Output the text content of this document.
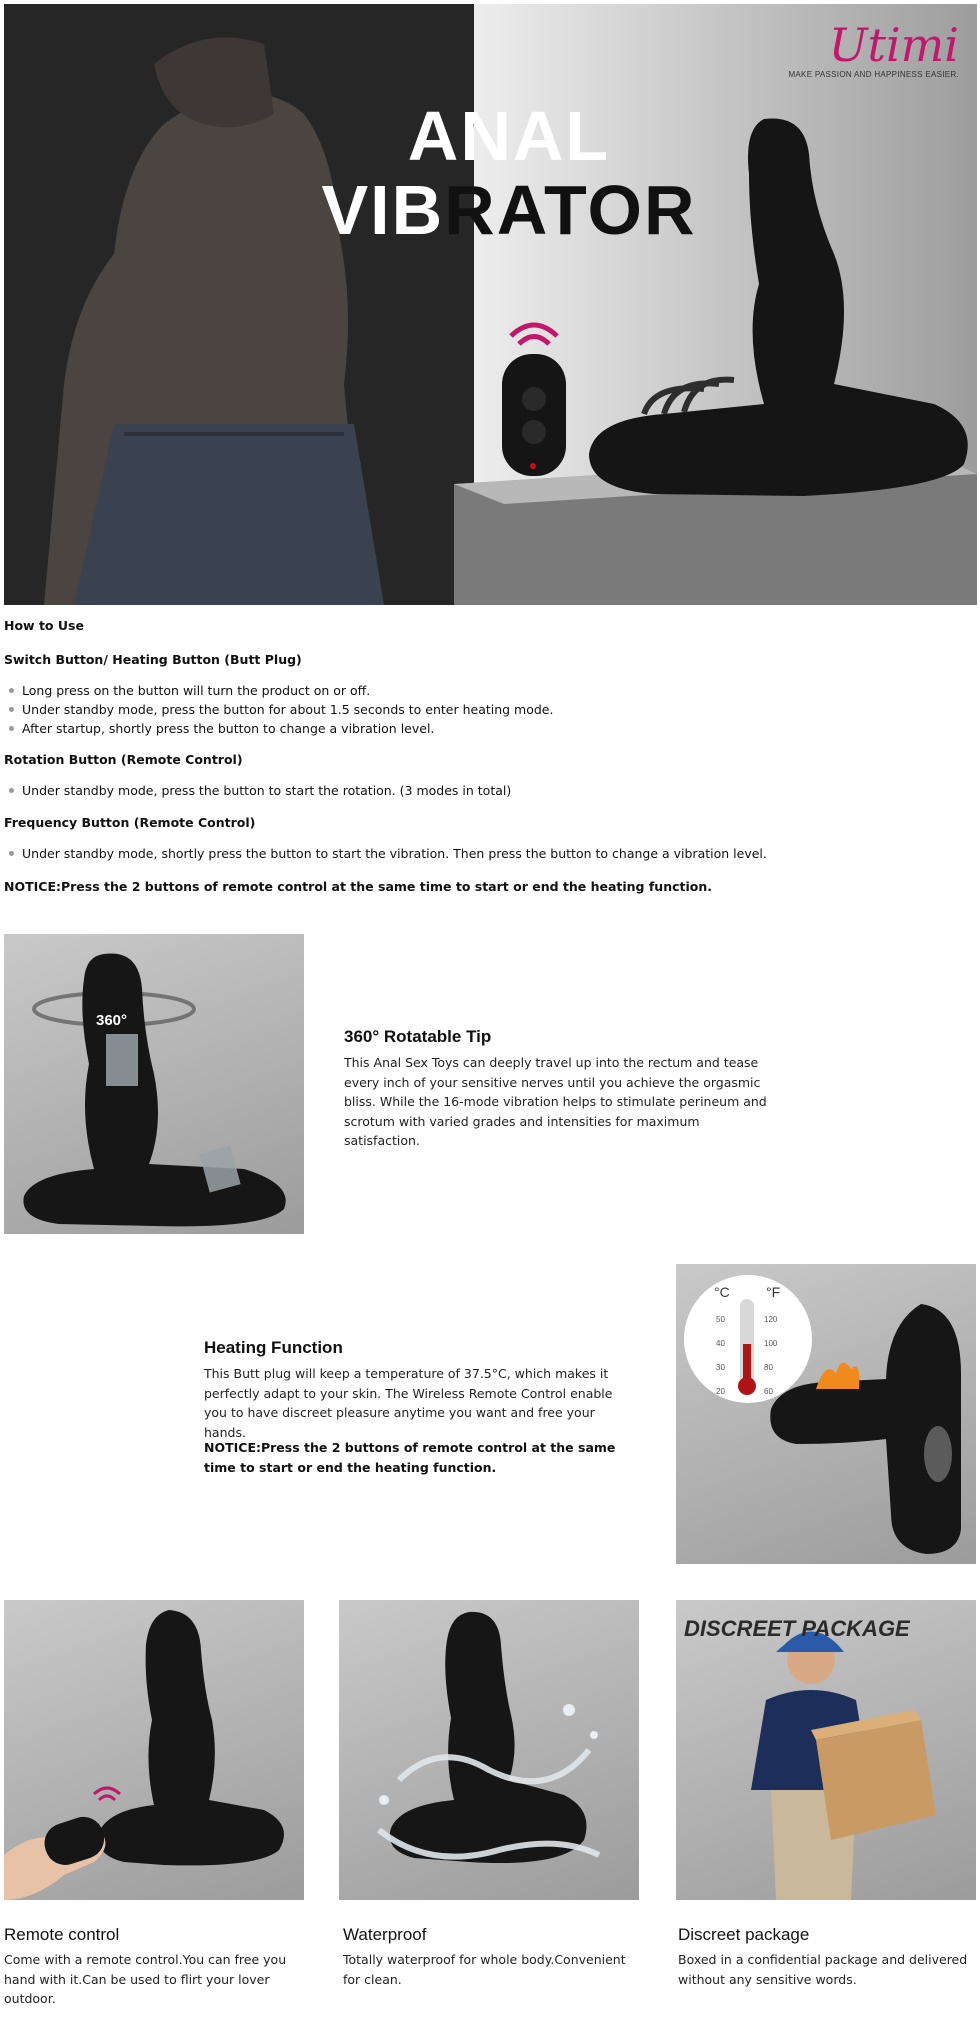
ANAL
VIBRATOR
Utimi
MAKE PASSION AND HAPPINESS EASIER.
How to Use
Switch Button/ Heating Button (Butt Plug)
Long press on the button will turn the product on or off.
Under standby mode, press the button for about 1.5 seconds to enter heating mode.
After startup, shortly press the button to change a vibration level.
Rotation Button (Remote Control)
Under standby mode, press the button to start the rotation. (3 modes in total)
Frequency Button (Remote Control)
Under standby mode, shortly press the button to start the vibration. Then press the button to change a vibration level.

NOTICE:Press the 2 buttons of remote control at the same time to start or end the heating function.

360°
360° Rotatable Tip
This Anal Sex Toys can deeply travel up into the rectum and tease every inch of your sensitive nerves until you achieve the orgasmic bliss. While the 16-mode vibration helps to stimulate perineum and scrotum with varied grades and intensities for maximum satisfaction.
Heating Function
This Butt plug will keep a temperature of 37.5°C, which makes it perfectly adapt to your skin. The Wireless Remote Control enable you to have discreet pleasure anytime you want and free your hands.
NOTICE:Press the 2 buttons of remote control at the same time to start or end the heating function.
°C	°F
50
40
30
20
120
100
80
60
Remote control
Come with a remote control.You can free you hand with it.Can be used to flirt your lover outdoor.
Waterproof
Totally waterproof for whole body.Convenient for clean.
DISCREET PACKAGE
Discreet package
Boxed in a confidential package and delivered without any sensitive words.
